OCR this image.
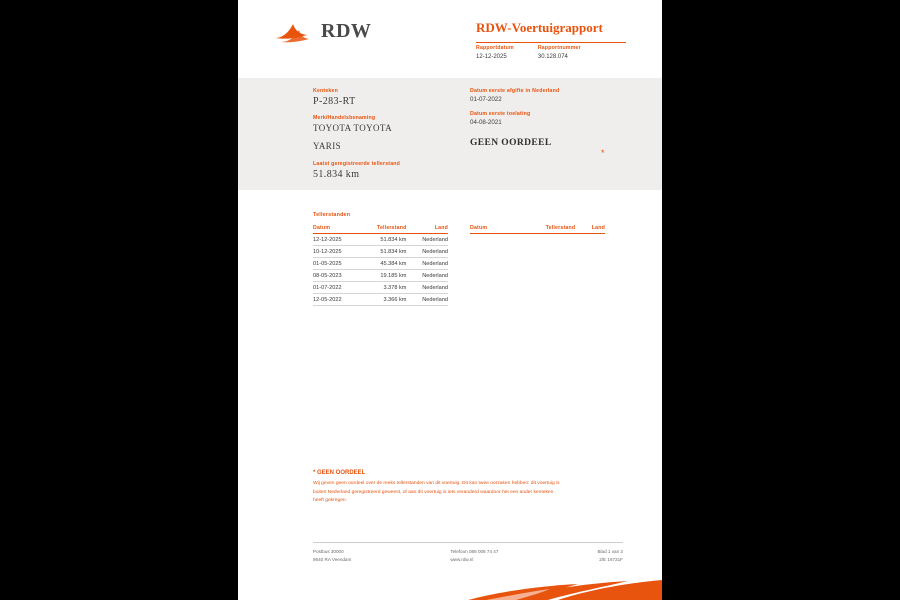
RDW	RDW-Voertuigrapport
Rapportdatum
12-12-2025
Rapportnummer
30.128.074
Kenteken
P-283-RT
Merk/Handelsbenaming
TOYOTA TOYOTA
YARIS
Laatst geregistreerde tellerstand
51.834 km
Datum eerste afgifte in Nederland
01-07-2022
Datum eerste toelating
04-08-2021
GEEN OORDEEL
*
Tellerstanden
Datum	Tellerstand	Land
12-12-2025	51.834 km	Nederland
10-12-2025	51.834 km	Nederland
01-05-2025	45.384 km	Nederland
08-05-2023	19.185 km	Nederland
01-07-2022	3.378 km	Nederland
12-05-2022	3.366 km	Nederland
Datum	Tellerstand	Land
* GEEN OORDEEL
Wij geven geen oordeel over de reeks tellerstanden van dit voertuig. Dit kan twee oorzaken hebben: dit voertuig is buiten Nederland geregistreerd geweest, of aan dit voertuig is iets veranderd waardoor het een ander kenteken heeft gekregen.
Postbus 30000
9640 RA Veendam
Telefoon 088 008 74 47
www.rdw.nl
Blad 1 van 3
2/E 16731F
